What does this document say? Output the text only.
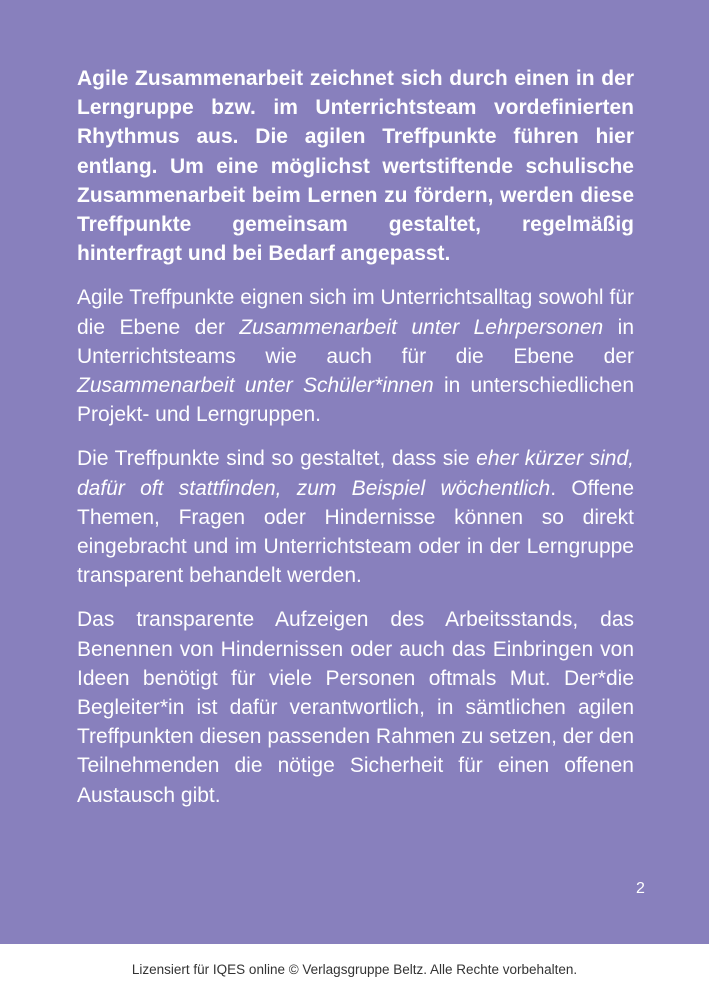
Agile Zusammenarbeit zeichnet sich durch einen in der Lerngruppe bzw. im Unterrichtsteam vordefinierten Rhythmus aus. Die agilen Treffpunkte führen hier entlang. Um eine möglichst wertstiftende schulische Zusammenarbeit beim Lernen zu fördern, werden diese Treffpunkte gemeinsam gestaltet, regelmäßig hinterfragt und bei Bedarf angepasst.

Agile Treffpunkte eignen sich im Unterrichtsalltag sowohl für die Ebene der Zusammenarbeit unter Lehrpersonen in Unterrichtsteams wie auch für die Ebene der Zusammenarbeit unter Schüler*innen in unterschiedlichen Projekt- und Lerngruppen.

Die Treffpunkte sind so gestaltet, dass sie eher kürzer sind, dafür oft stattfinden, zum Beispiel wöchentlich. Offene Themen, Fragen oder Hindernisse können so direkt eingebracht und im Unterrichtsteam oder in der Lerngruppe transparent behandelt werden.

Das transparente Aufzeigen des Arbeitsstands, das Benennen von Hindernissen oder auch das Einbringen von Ideen benötigt für viele Personen oftmals Mut. Der*die Begleiter*in ist dafür verantwortlich, in sämtlichen agilen Treffpunkten diesen passenden Rahmen zu setzen, der den Teilnehmenden die nötige Sicherheit für einen offenen Austausch gibt.

2
Lizensiert für IQES online © Verlagsgruppe Beltz. Alle Rechte vorbehalten.
